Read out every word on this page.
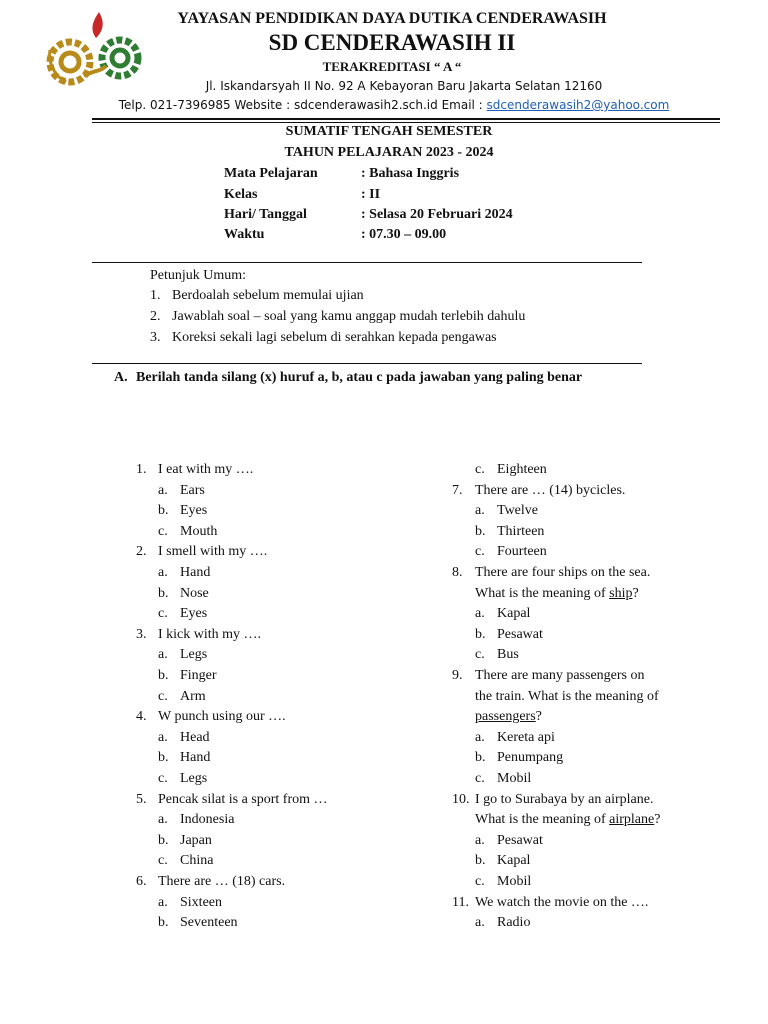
YAYASAN PENDIDIKAN DAYA DUTIKA CENDERAWASIH
SD CENDERAWASIH II
TERAKREDITASI “ A “
Jl. Iskandarsyah II No. 92 A Kebayoran Baru Jakarta Selatan 12160
Telp. 021-7396985 Website : sdcenderawasih2.sch.id Email : sdcenderawasih2@yahoo.com
SUMATIF TENGAH SEMESTER
TAHUN PELAJARAN 2023 - 2024
Mata Pelajaran	: Bahasa Inggris
Kelas	: II
Hari/ Tanggal	: Selasa 20 Februari 2024
Waktu	: 07.30 – 09.00
Petunjuk Umum:
1. Berdoalah sebelum memulai ujian
2. Jawablah soal – soal yang kamu anggap mudah terlebih dahulu
3. Koreksi sekali lagi sebelum di serahkan kepada pengawas
A. Berilah tanda silang (x) huruf a, b, atau c pada jawaban yang paling benar
1. I eat with my ….
a. Ears
b. Eyes
c. Mouth
2. I smell with my ….
a. Hand
b. Nose
c. Eyes
3. I kick with my ….
a. Legs
b. Finger
c. Arm
4. W punch using our ….
a. Head
b. Hand
c. Legs
5. Pencak silat is a sport from …
a. Indonesia
b. Japan
c. China
6. There are … (18) cars.
a. Sixteen
b. Seventeen
c. Eighteen
7. There are … (14) bycicles.
a. Twelve
b. Thirteen
c. Fourteen
8. There are four ships on the sea.
What is the meaning of ship?
a. Kapal
b. Pesawat
c. Bus
9. There are many passengers on
the train. What is the meaning of
passengers?
a. Kereta api
b. Penumpang
c. Mobil
10. I go to Surabaya by an airplane.
What is the meaning of airplane?
a. Pesawat
b. Kapal
c. Mobil
11. We watch the movie on the ….
a. Radio
